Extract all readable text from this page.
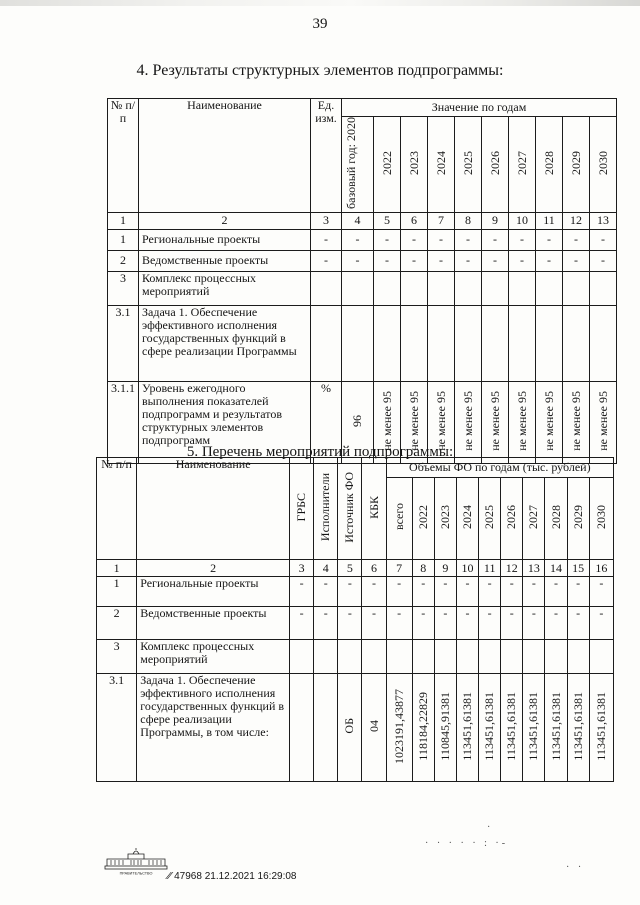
39
4. Результаты структурных элементов подпрограммы:
№ п/п	Наименование	Ед. изм.	Значение по годам									
			базовый год: 2020	2022	2023	2024	2025	2026	2027	2028	2029	2030
1	2	3	4	5	6	7	8	9	10	11	12	13
1	Региональные проекты	-	-	-	-	-	-	-	-	-	-	-
2	Ведомственные проекты	-	-	-	-	-	-	-	-	-	-	-
3	Комплекс процессных мероприятий											
3.1	Задача 1. Обеспечение эффективного исполнения государственных функций в сфере реализации Программы											
3.1.1	Уровень ежегодного выполнения показателей подпрограмм и результатов структурных элементов подпрограмм	%	96	не менее 95	не менее 95	не менее 95	не менее 95	не менее 95	не менее 95	не менее 95	не менее 95	не менее 95
5. Перечень мероприятий подпрограммы:
№ п/п	Наименование	ГРБС	Исполнители	Источник ФО	КБК	Объемы ФО по годам (тыс. рублей)									
						всего	2022	2023	2024	2025	2026	2027	2028	2029	2030
1	2	3	4	5	6	7	8	9	10	11	12	13	14	15	16
1	Региональные проекты	-	-	-	-	-	-	-	-	-	-	-	-	-	-
2	Ведомственные проекты	-	-	-	-	-	-	-	-	-	-	-	-	-	-
3	Комплекс процессных мероприятий														
3.1	Задача 1. Обеспечение эффективного исполнения государственных функций в сфере реализации Программы, в том числе:			ОБ	04	1023191,43877	118184,22829	110845,91381	113451,61381	113451,61381	113451,61381	113451,61381	113451,61381	113451,61381	113451,61381
·
· · · · · : ·-
· ·
ПРАВИТЕЛЬСТВО ⁄⁄ 47968 21.12.2021 16:29:08
